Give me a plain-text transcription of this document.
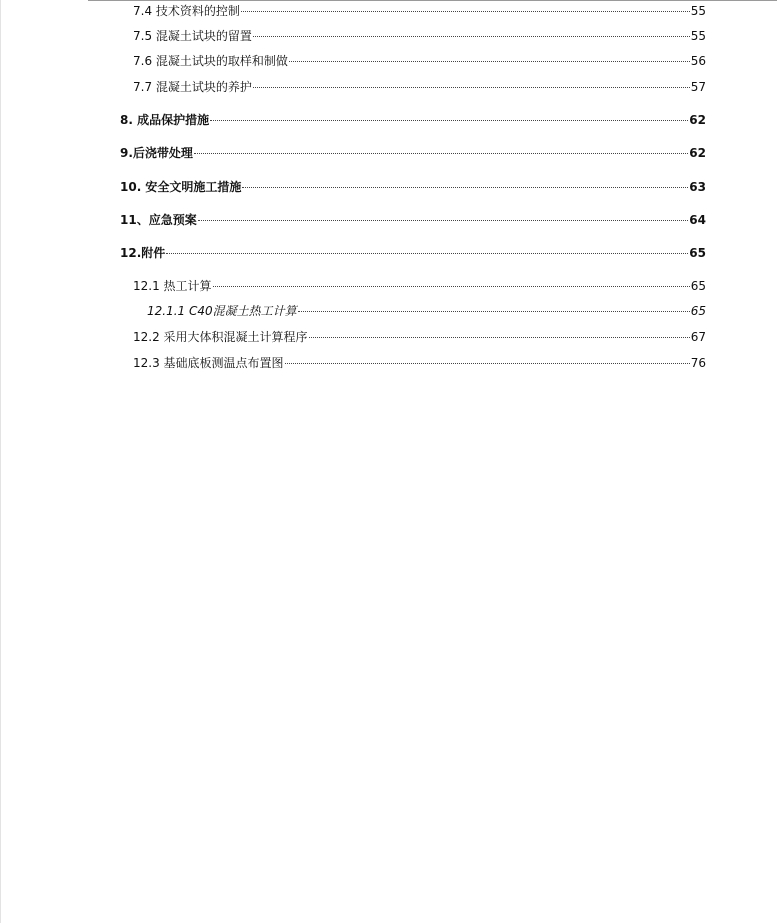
7.4 技术资料的控制	55
7.5 混凝土试块的留置	55
7.6 混凝土试块的取样和制做	56
7.7 混凝土试块的养护	57
8. 成品保护措施	62
9.后浇带处理	62
10. 安全文明施工措施	63
11、应急预案	64
12.附件	65
12.1 热工计算	65
12.1.1 C40混凝土热工计算	65
12.2 采用大体积混凝土计算程序	67
12.3 基础底板测温点布置图	76
